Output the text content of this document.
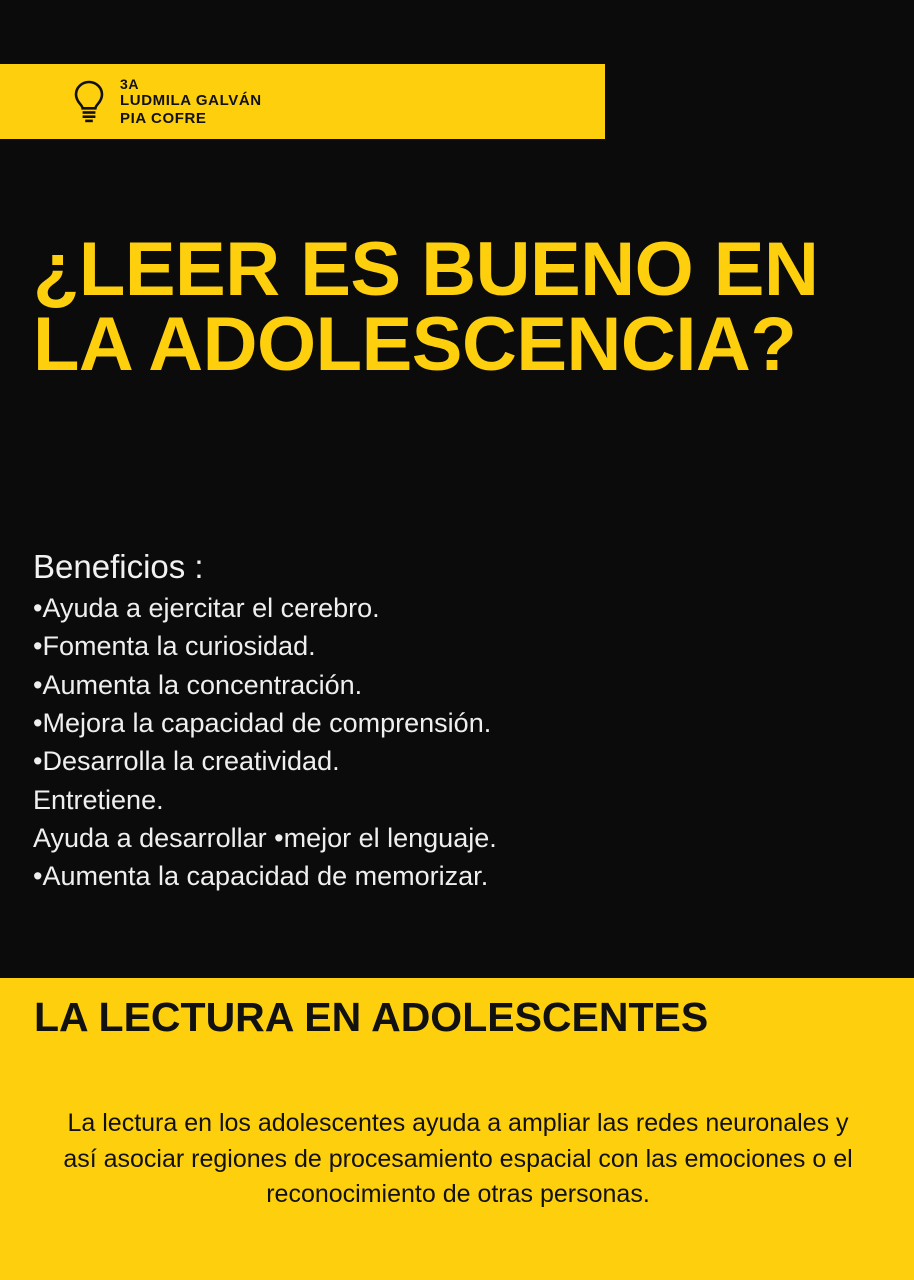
3A
LUDMILA GALVÁN
PIA COFRE
¿LEER ES BUENO EN LA ADOLESCENCIA?
Beneficios :
•Ayuda a ejercitar el cerebro.
•Fomenta la curiosidad.
•Aumenta la concentración.
•Mejora la capacidad de comprensión.
•Desarrolla la creatividad.
Entretiene.
Ayuda a desarrollar •mejor el lenguaje.
•Aumenta la capacidad de memorizar.
LA LECTURA EN ADOLESCENTES
La lectura en los adolescentes ayuda a ampliar las redes neuronales y así asociar regiones de procesamiento espacial con las emociones o el reconocimiento de otras personas.
